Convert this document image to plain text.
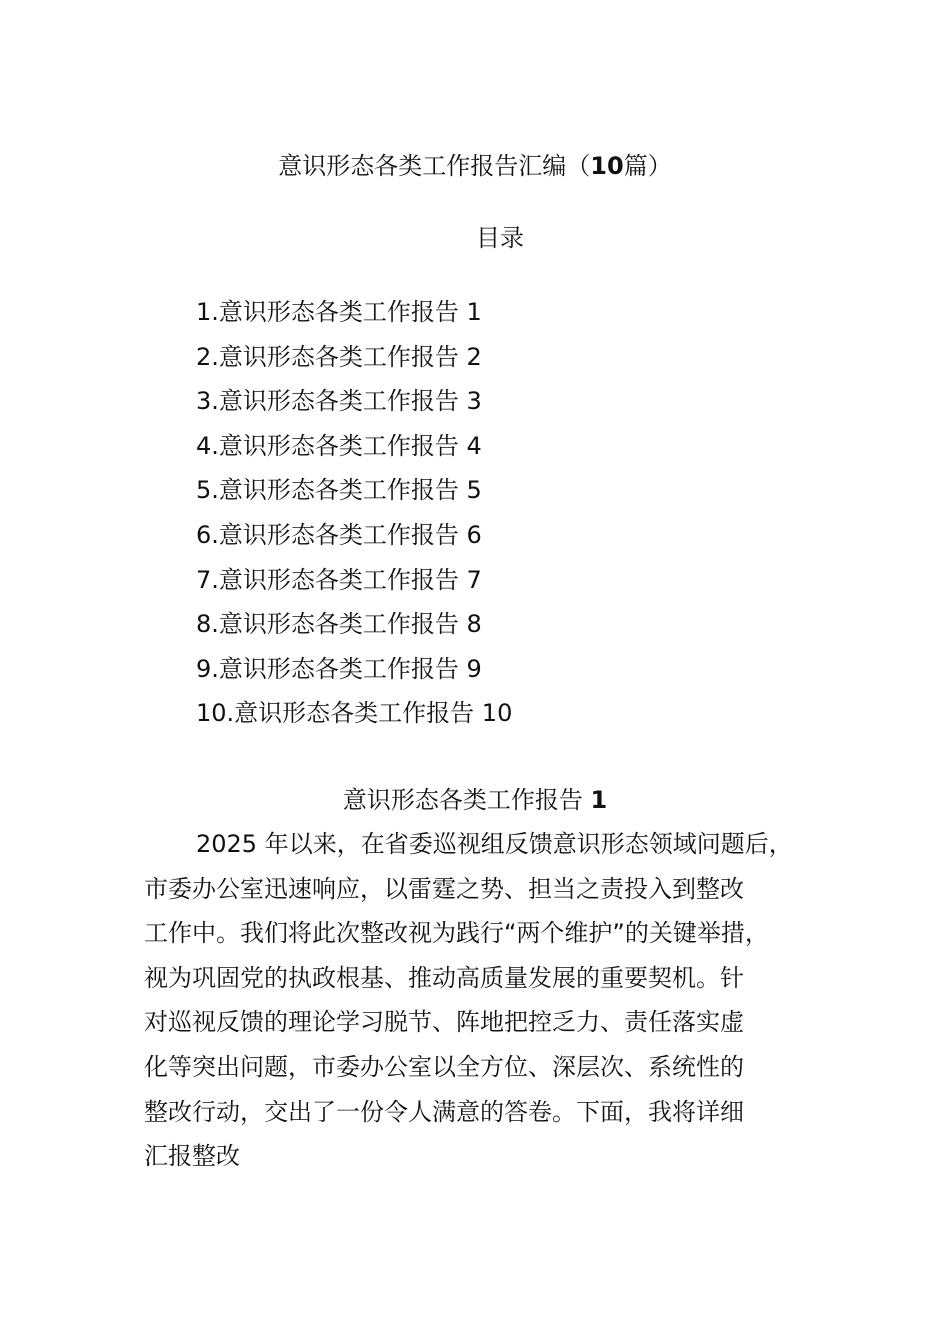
意识形态各类工作报告汇编（10篇）
目录
1.意识形态各类工作报告 1
2.意识形态各类工作报告 2
3.意识形态各类工作报告 3
4.意识形态各类工作报告 4
5.意识形态各类工作报告 5
6.意识形态各类工作报告 6
7.意识形态各类工作报告 7
8.意识形态各类工作报告 8
9.意识形态各类工作报告 9
10.意识形态各类工作报告 10
意识形态各类工作报告 1

2025 年以来，在省委巡视组反馈意识形态领域问题后，
市委办公室迅速响应，以雷霆之势、担当之责投入到整改
工作中。我们将此次整改视为践行“两个维护”的关键举措，
视为巩固党的执政根基、推动高质量发展的重要契机。针
对巡视反馈的理论学习脱节、阵地把控乏力、责任落实虚
化等突出问题，市委办公室以全方位、深层次、系统性的
整改行动，交出了一份令人满意的答卷。下面，我将详细
汇报整改
